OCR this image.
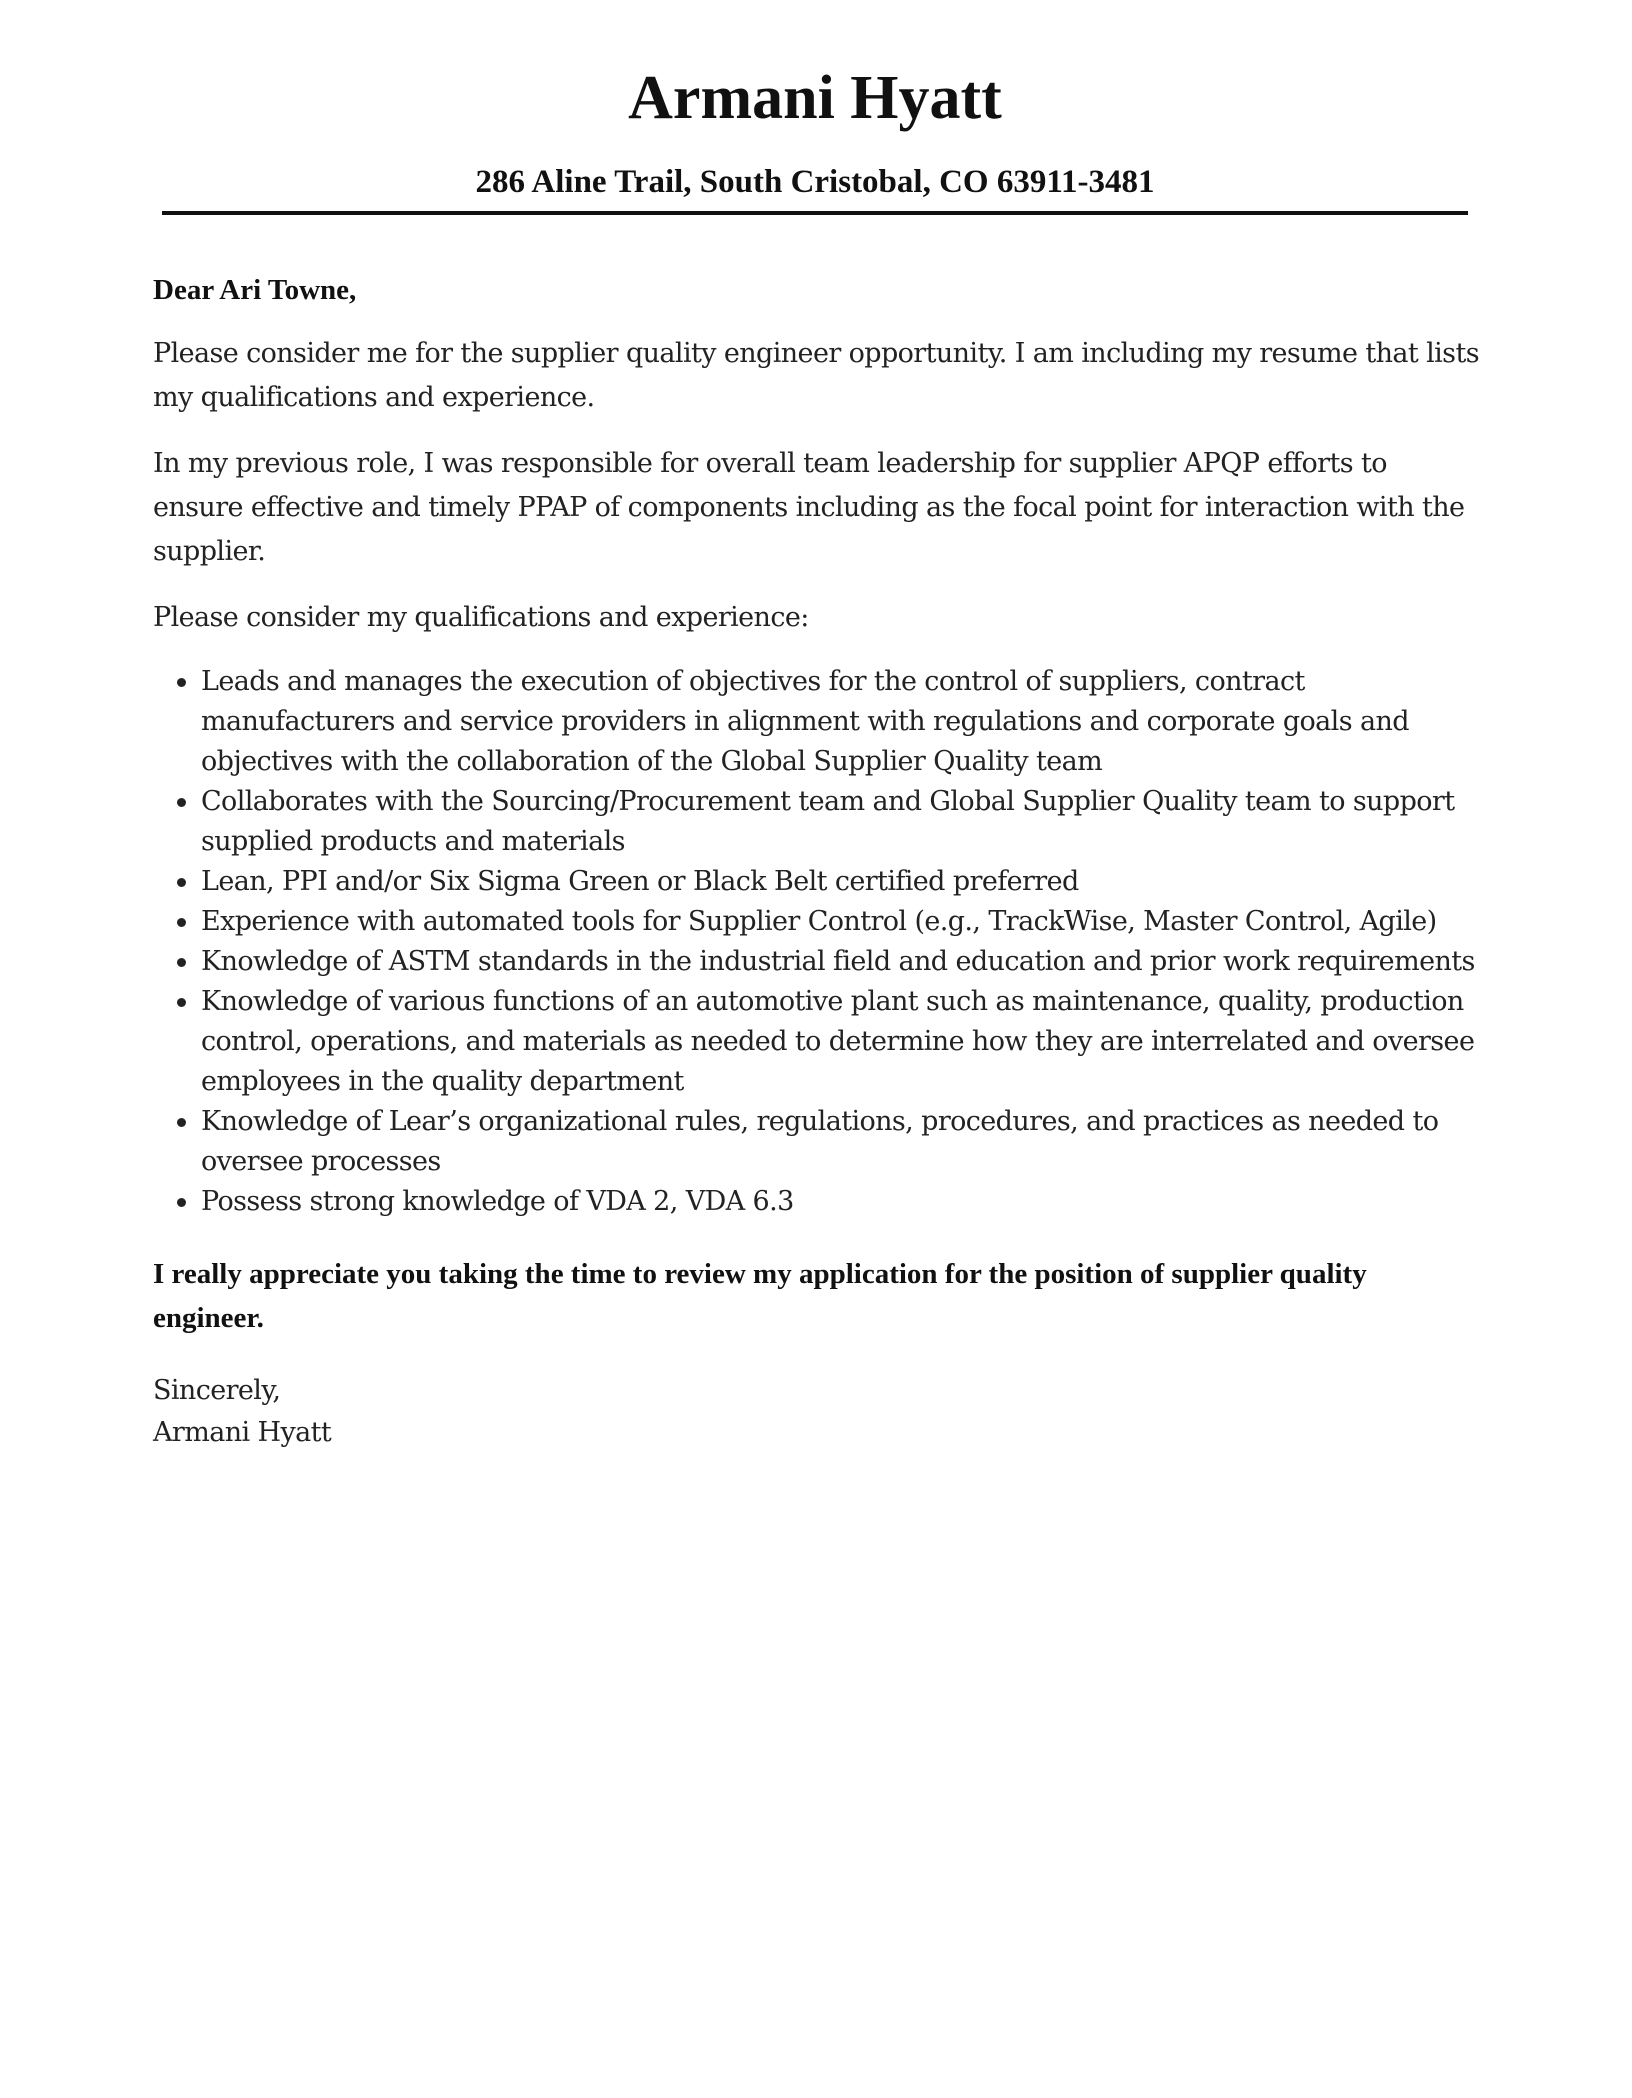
Armani Hyatt
286 Aline Trail, South Cristobal, CO 63911-3481

Dear Ari Towne,

Please consider me for the supplier quality engineer opportunity. I am including my resume that lists my qualifications and experience.

In my previous role, I was responsible for overall team leadership for supplier APQP efforts to ensure effective and timely PPAP of components including as the focal point for interaction with the supplier.

Please consider my qualifications and experience:

Leads and manages the execution of objectives for the control of suppliers, contract manufacturers and service providers in alignment with regulations and corporate goals and objectives with the collaboration of the Global Supplier Quality team
Collaborates with the Sourcing/Procurement team and Global Supplier Quality team to support supplied products and materials
Lean, PPI and/or Six Sigma Green or Black Belt certified preferred
Experience with automated tools for Supplier Control (e.g., TrackWise, Master Control, Agile)
Knowledge of ASTM standards in the industrial field and education and prior work requirements
Knowledge of various functions of an automotive plant such as maintenance, quality, production control, operations, and materials as needed to determine how they are interrelated and oversee employees in the quality department
Knowledge of Lear’s organizational rules, regulations, procedures, and practices as needed to oversee processes
Possess strong knowledge of VDA 2, VDA 6.3

I really appreciate you taking the time to review my application for the position of supplier quality engineer.

Sincerely,

Armani Hyatt
